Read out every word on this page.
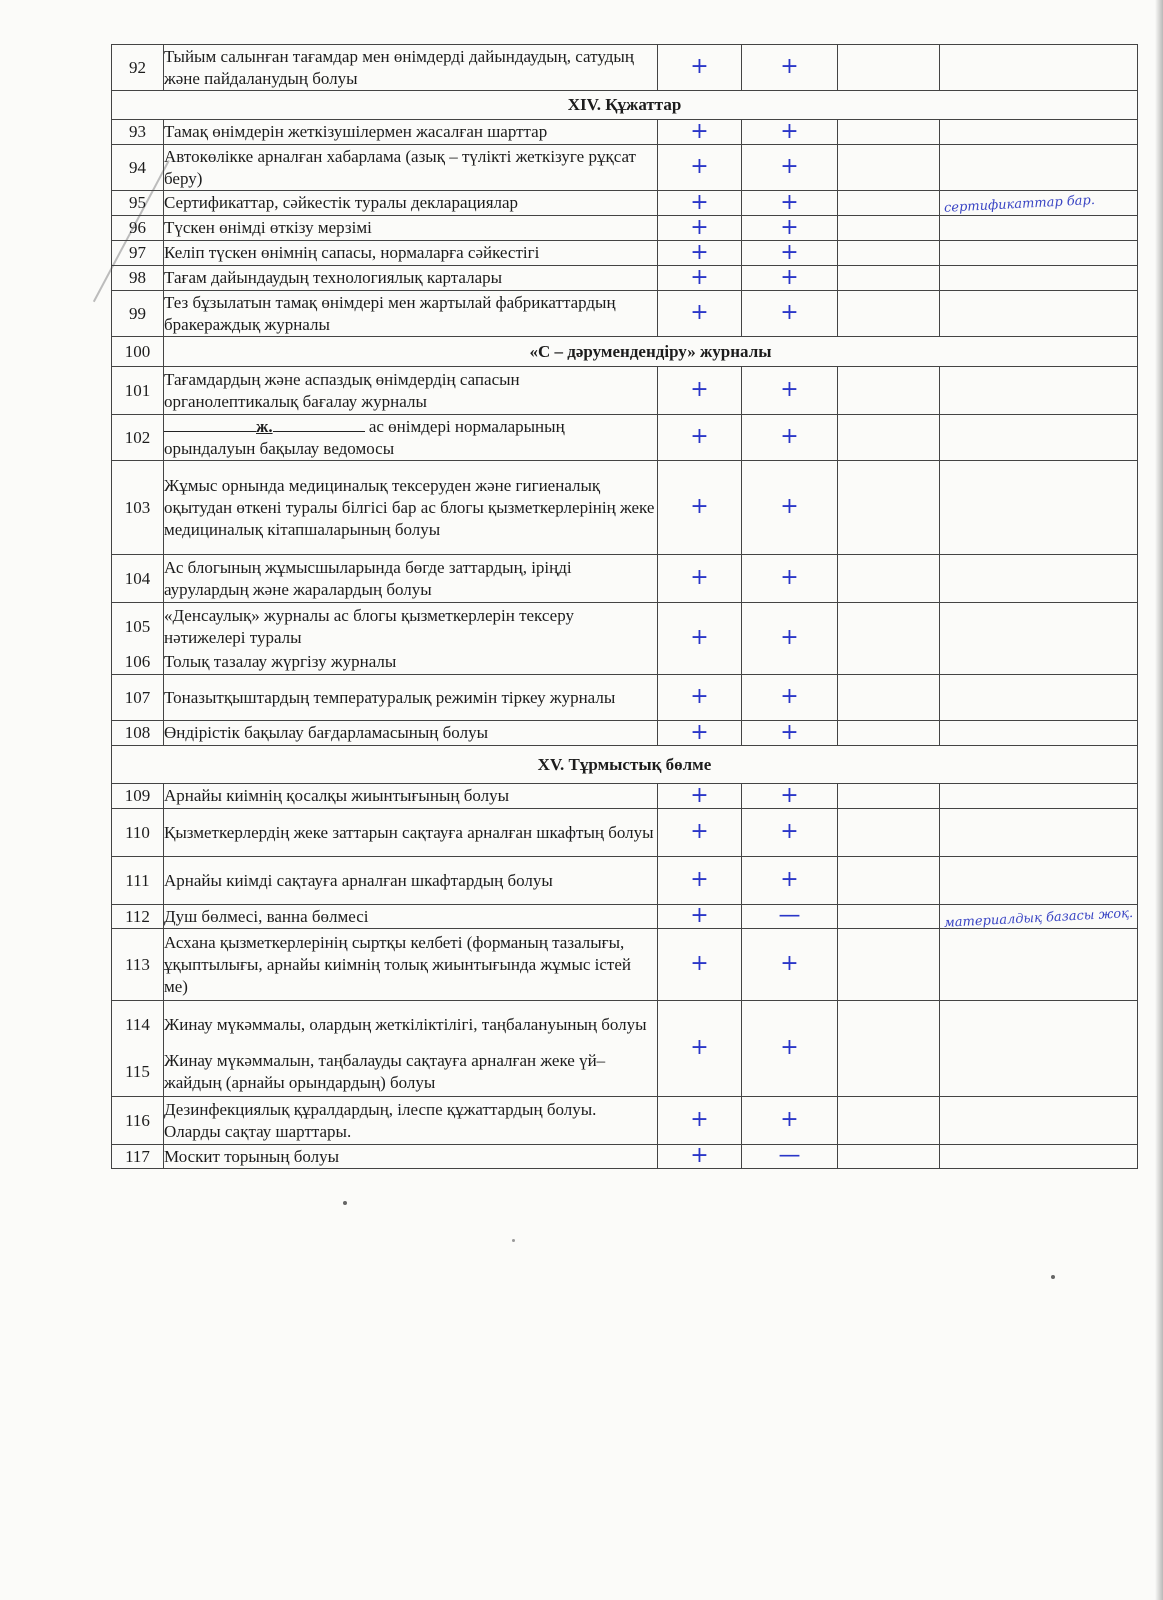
92	Тыйым салынған тағамдар мен өнімдерді дайындаудың, сатудың және пайдаланудың болуы	+	+		
XIV. Құжаттар					
93	Тамақ өнімдерін жеткізушілермен жасалған шарттар	+	+		
94	Автокөлікке арналған хабарлама (азық – түлікті жеткізуге рұқсат беру)	+	+		
95	Сертификаттар, сәйкестік туралы декларациялар	+	+		сертификаттар бар.
96	Түскен өнімді өткізу мерзімі	+	+		
97	Келіп түскен өнімнің сапасы, нормаларға сәйкестігі	+	+		
98	Тағам дайындаудың технологиялық карталары	+	+		
99	Тез бұзылатын тамақ өнімдері мен жартылай фабрикаттардың бракераждық журналы	+	+		
100	«С – дәрумендендіру» журналы				
101	Тағамдардың және аспаздық өнімдердің сапасын органолептикалық бағалау журналы	+	+		
102	ж. ас өнімдері нормаларының
орындалуын бақылау ведомосы	+	+		
103	Жұмыс орнында медициналық тексеруден және гигиеналық оқытудан өткені туралы білгісі бар ас блогы қызметкерлерінің жеке медициналық кітапшаларының болуы	+	+		
104	Ас блогының жұмысшыларында бөгде заттардың, іріңді аурулардың және жаралардың болуы	+	+		
105	«Денсаулық» журналы ас блогы қызметкерлерін тексеру нәтижелері туралы	+	+		
106	Толық тазалау жүргізу журналы				
107	Тоназытқыштардың температуралық режимін тіркеу журналы	+	+		
108	Өндірістік бақылау бағдарламасының болуы	+	+		
XV. Тұрмыстық бөлме					
109	Арнайы киімнің қосалқы жиынтығының болуы	+	+		
110	Қызметкерлердің жеке заттарын сақтауға арналған шкафтың болуы	+	+		
111	Арнайы киімді сақтауға арналған шкафтардың болуы	+	+		
112	Душ бөлмесі, ванна бөлмесі	+	—		материалдық базасы жоқ.
113	Асхана қызметкерлерінің сыртқы келбеті (форманың тазалығы, ұқыптылығы, арнайы киімнің толық жиынтығында жұмыс істей ме)	+	+		
114	Жинау мүкәммалы, олардың жеткіліктілігі, таңбалануының болуы	+	+		
115	Жинау мүкәммалын, таңбалауды сақтауға арналған жеке үй–жайдың (арнайы орындардың) болуы				
116	Дезинфекциялық құралдардың, ілеспе құжаттардың болуы. Оларды сақтау шарттары.	+	+		
117	Москит торының болуы	+	—		
